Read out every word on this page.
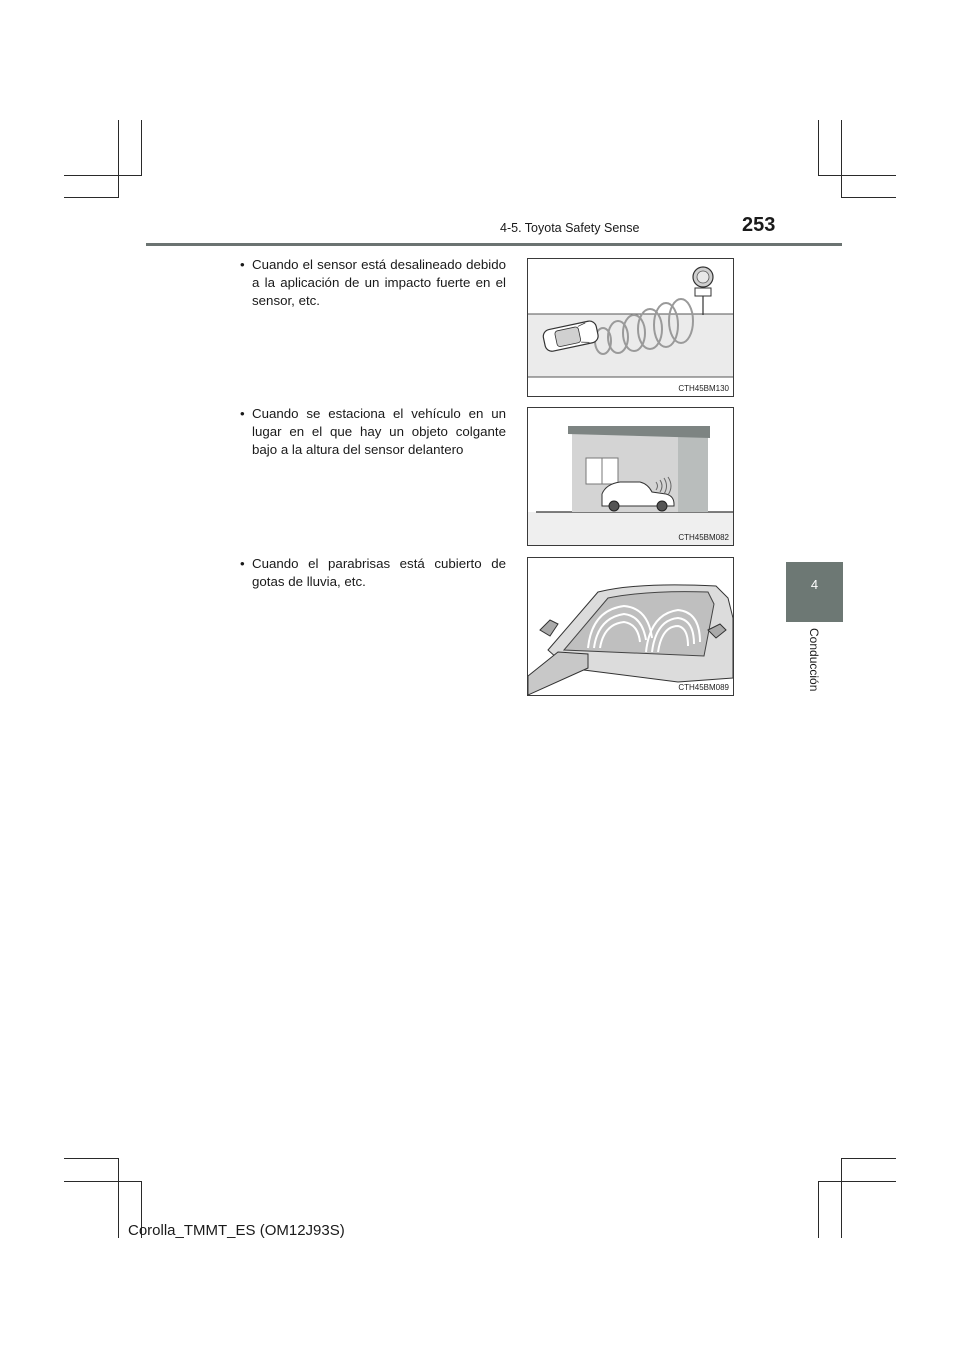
4-5. Toyota Safety Sense	253
4
Conducción
• Cuando el sensor está desalineado debido a la aplicación de un impacto fuerte en el sensor, etc.
CTH45BM130
• Cuando se estaciona el vehículo en un lugar en el que hay un objeto colgante bajo a la altura del sensor delantero
CTH45BM082
• Cuando el parabrisas está cubierto de gotas de lluvia, etc.
CTH45BM089
Corolla_TMMT_ES (OM12J93S)
